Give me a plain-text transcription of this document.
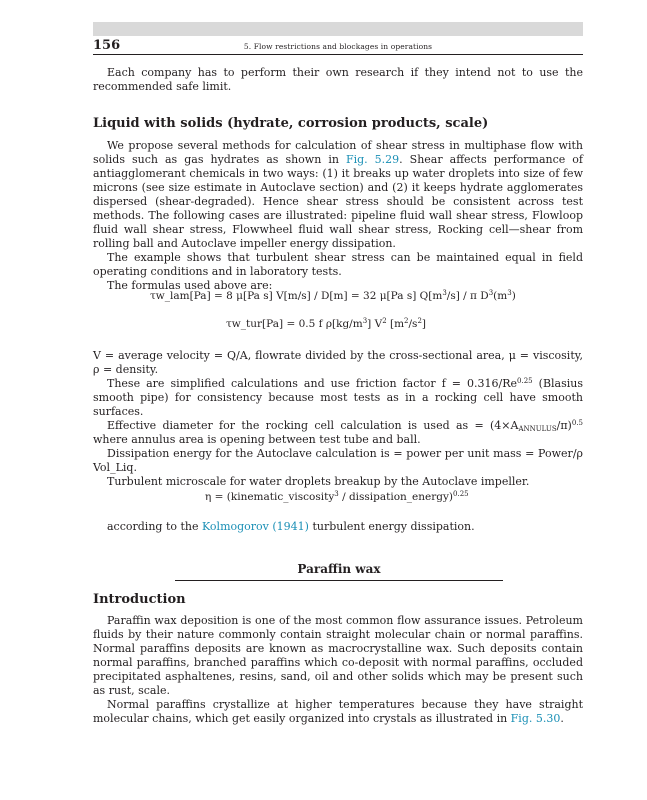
156	5. Flow restrictions and blockages in operations

Each company has to perform their own research if they intend not to use the recommended safe limit.

Liquid with solids (hydrate, corrosion products, scale)

We propose several methods for calculation of shear stress in multiphase flow with solids such as gas hydrates as shown in Fig. 5.29. Shear affects performance of antiagglomerant chemicals in two ways: (1) it breaks up water droplets into size of few microns (see size estimate in Autoclave section) and (2) it keeps hydrate agglomerates dispersed (shear-degraded). Hence shear stress should be consistent across test methods. The following cases are illustrated: pipeline fluid wall shear stress, Flowloop fluid wall shear stress, Flowwheel fluid wall shear stress, Rocking cell—shear from rolling ball and Autoclave impeller energy dissipation.

The example shows that turbulent shear stress can be maintained equal in field operating conditions and in laboratory tests.

The formulas used above are:

τw_lam[Pa] = 8 μ[Pa s] V[m/s] / D[m] = 32 μ[Pa s] $Q[m^3/s]$ / π $D^3(m^3)$
τw_tur[Pa] = 0.5 f $\rho[kg/m^3]$ $V^2$ $[m^2/s^2]$

V = average velocity = Q/A, flowrate divided by the cross-sectional area, μ = viscosity, ρ = density.

These are simplified calculations and use friction factor $f = 0.316/Re^{0.25}$ (Blasius smooth pipe) for consistency because most tests as in a rocking cell have smooth surfaces.

Effective diameter for the rocking cell calculation is used as = $(4\times A_{ANNULUS}/\pi)^{0.5}$ where annulus area is opening between test tube and ball.

Dissipation energy for the Autoclave calculation is = power per unit mass = Power/ρ Vol_Liq.

Turbulent microscale for water droplets breakup by the Autoclave impeller.

η = (kinematic_viscosity$^3$ / dissipation_energy)$^{0.25}$

according to the Kolmogorov (1941) turbulent energy dissipation.

Paraffin wax
Introduction

Paraffin wax deposition is one of the most common flow assurance issues. Petroleum fluids by their nature commonly contain straight molecular chain or normal paraffins. Normal paraffins deposits are known as macrocrystalline wax. Such deposits contain normal paraffins, branched paraffins which co-deposit with normal paraffins, occluded precipitated asphaltenes, resins, sand, oil and other solids which may be present such as rust, scale.

Normal paraffins crystallize at higher temperatures because they have straight molecular chains, which get easily organized into crystals as illustrated in Fig. 5.30.
